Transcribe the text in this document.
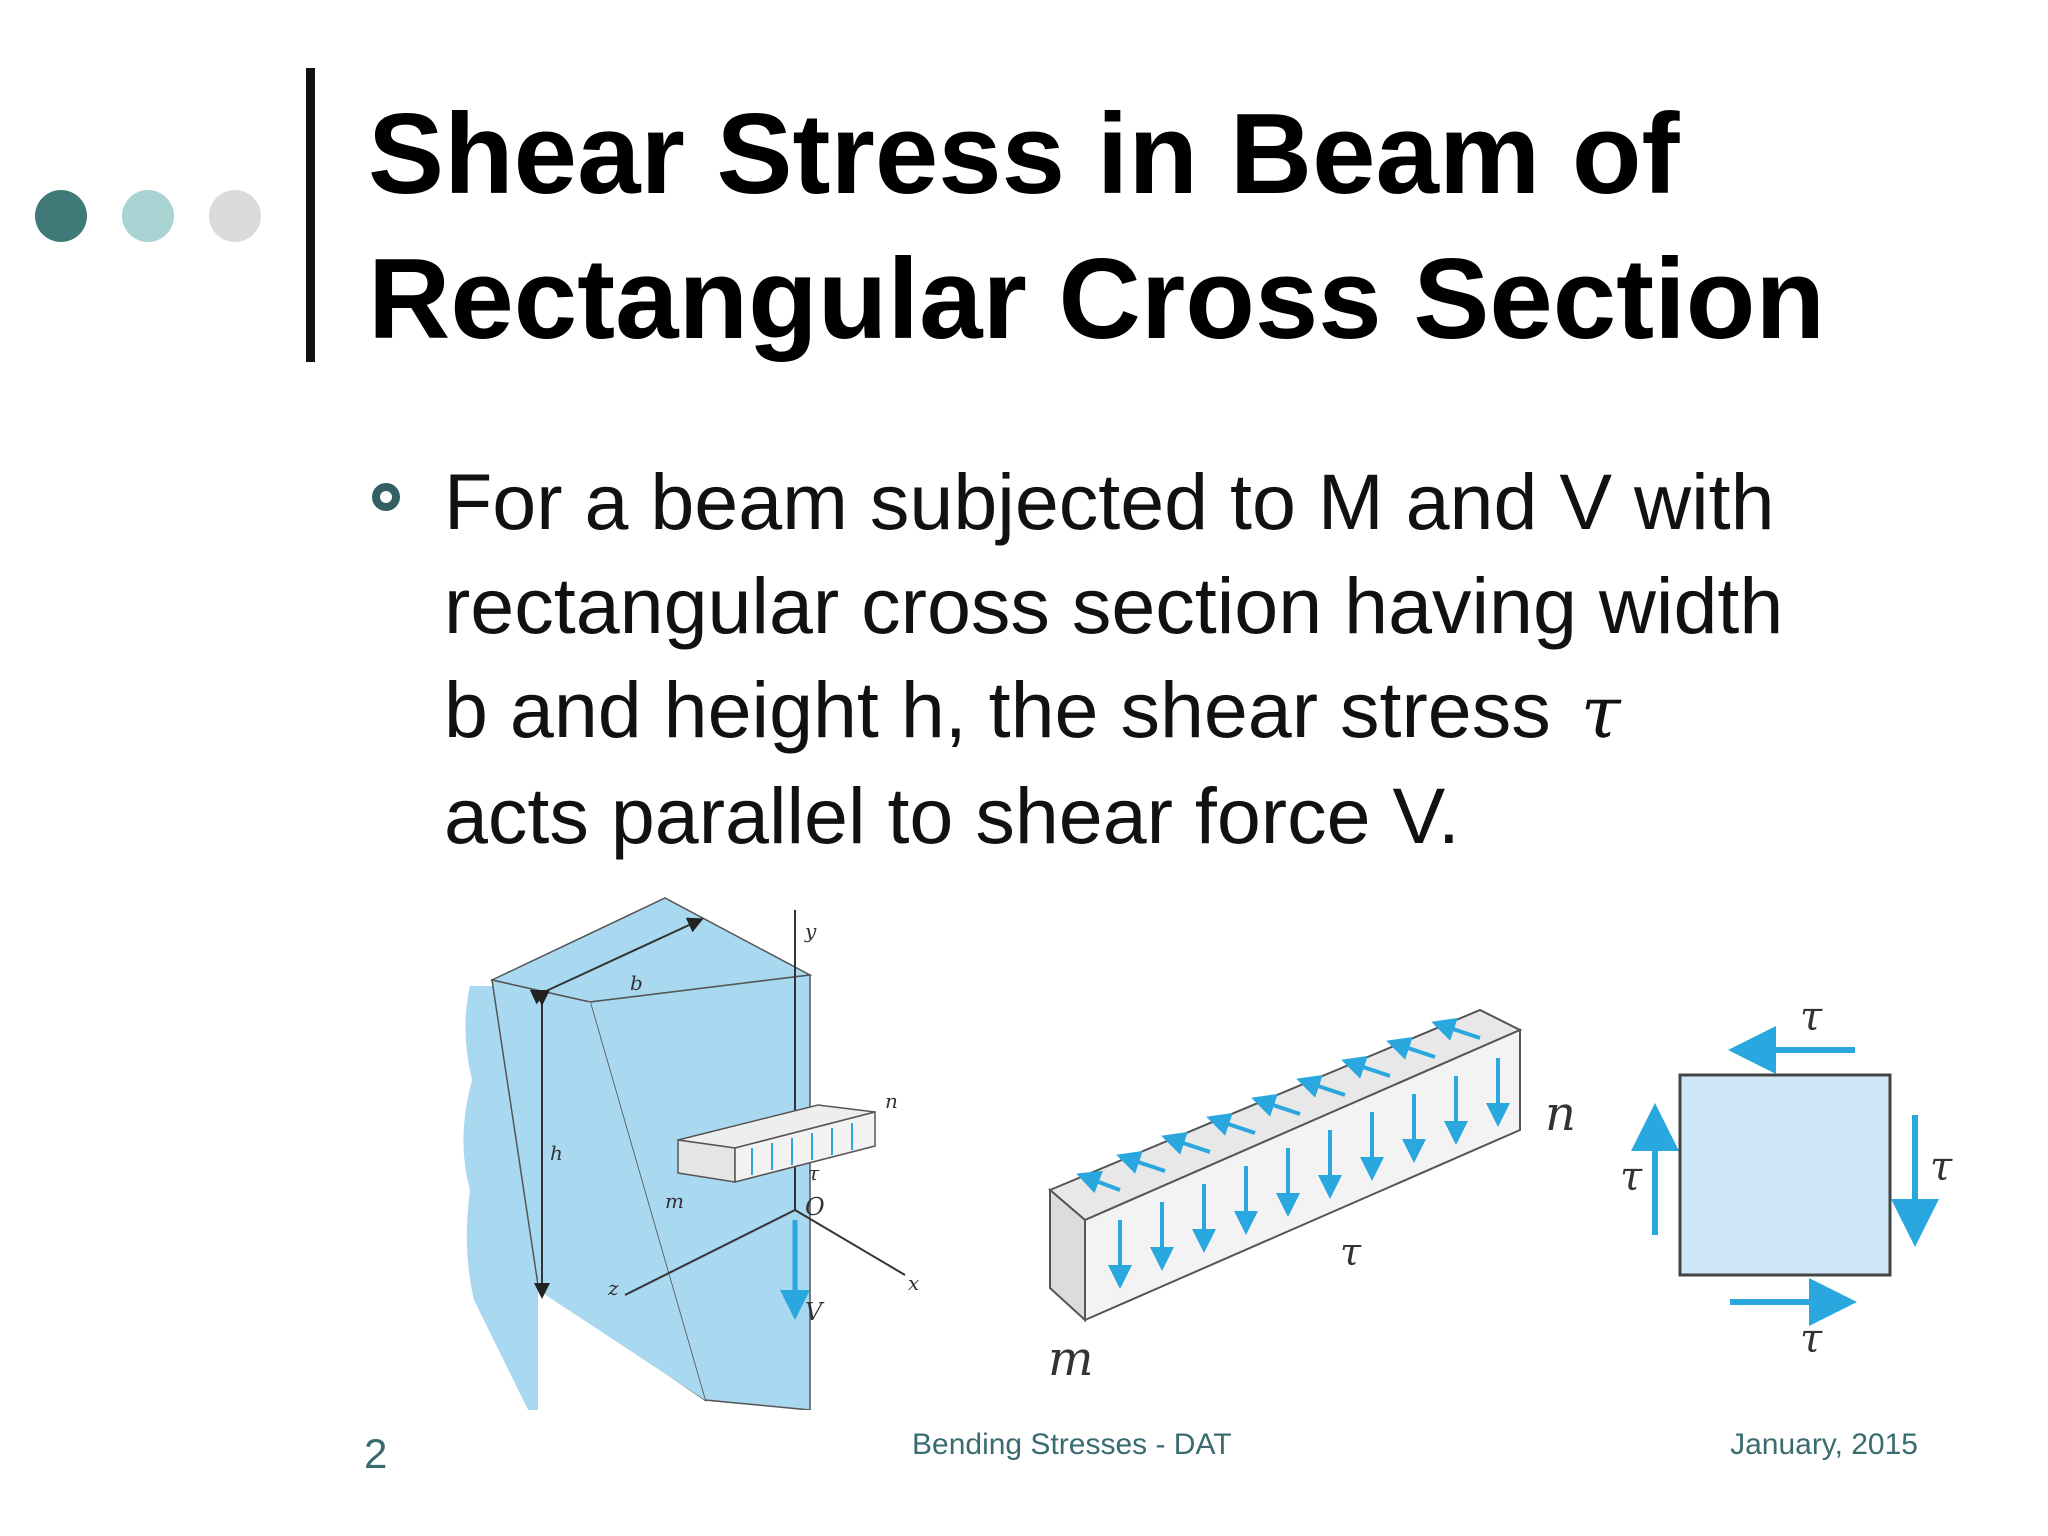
Shear Stress in Beam of
Rectangular Cross Section

For a beam subjected to M and V with
rectangular cross section having width
b and height h, the shear stress τ
acts parallel to shear force V.

b
h
y
n
m
τ
O
z	x
V
n
m
τ
τ
τ
τ	τ
2	Bending Stresses - DAT	January, 2015
